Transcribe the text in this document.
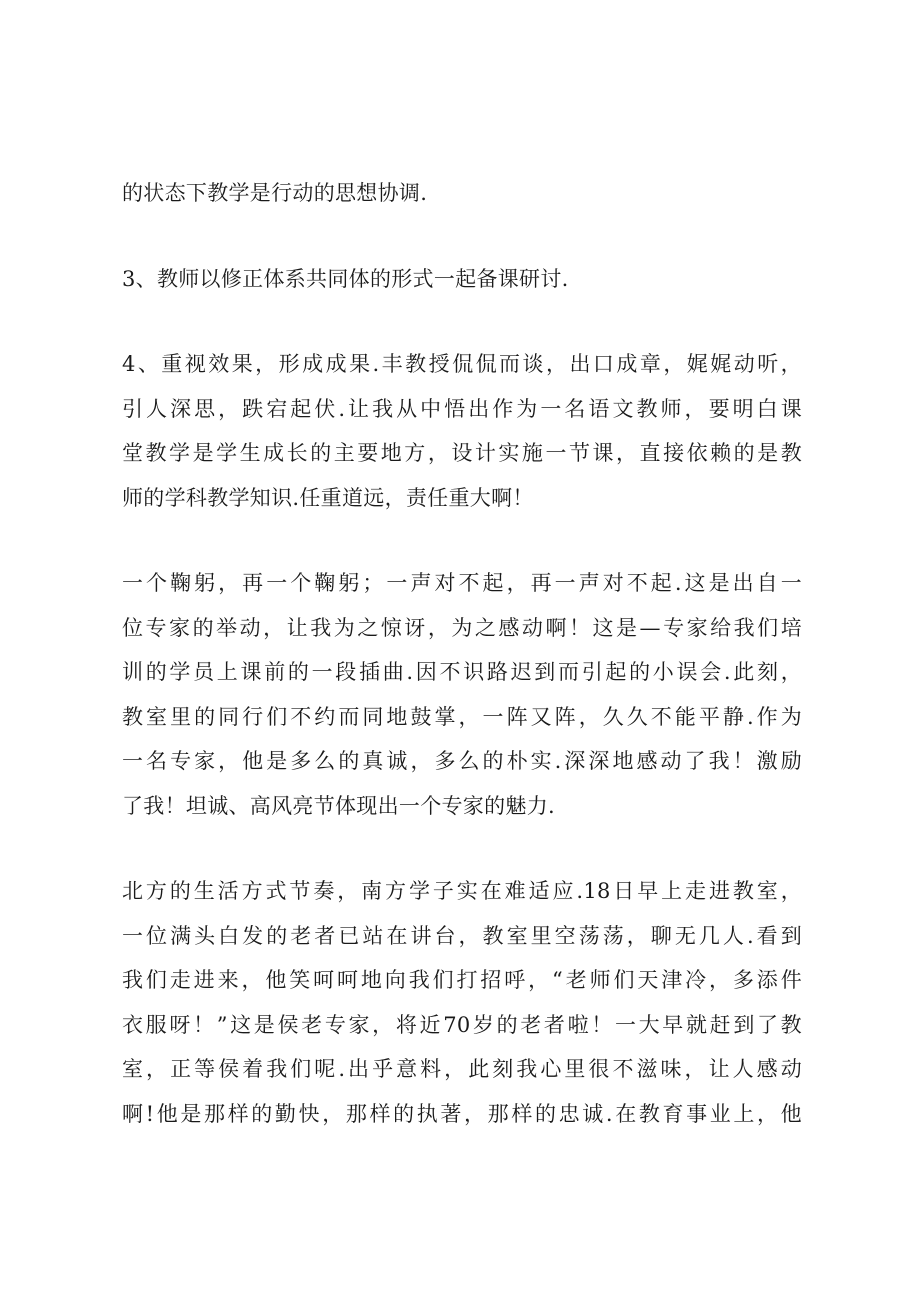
的状态下教学是行动的思想协调.

3、教师以修正体系共同体的形式一起备课研讨.

4、重视效果，形成成果.丰教授侃侃而谈，出口成章，娓娓动听，
引人深思，跌宕起伏.让我从中悟出作为一名语文教师，要明白课
堂教学是学生成长的主要地方，设计实施一节课，直接依赖的是教
师的学科教学知识.任重道远，责任重大啊！

一个鞠躬，再一个鞠躬；一声对不起，再一声对不起.这是出自一
位专家的举动，让我为之惊讶，为之感动啊！这是—专家给我们培
训的学员上课前的一段插曲.因不识路迟到而引起的小误会.此刻，
教室里的同行们不约而同地鼓掌，一阵又阵，久久不能平静.作为
一名专家，他是多么的真诚，多么的朴实.深深地感动了我！激励
了我！坦诚、高风亮节体现出一个专家的魅力.

北方的生活方式节奏，南方学子实在难适应.18日早上走进教室，
一位满头白发的老者已站在讲台，教室里空荡荡，聊无几人.看到
我们走进来，他笑呵呵地向我们打招呼，“老师们天津冷，多添件
衣服呀！”这是侯老专家，将近70岁的老者啦！一大早就赶到了教
室，正等侯着我们呢.出乎意料，此刻我心里很不滋味，让人感动
啊!他是那样的勤快，那样的执著，那样的忠诚.在教育事业上，他
